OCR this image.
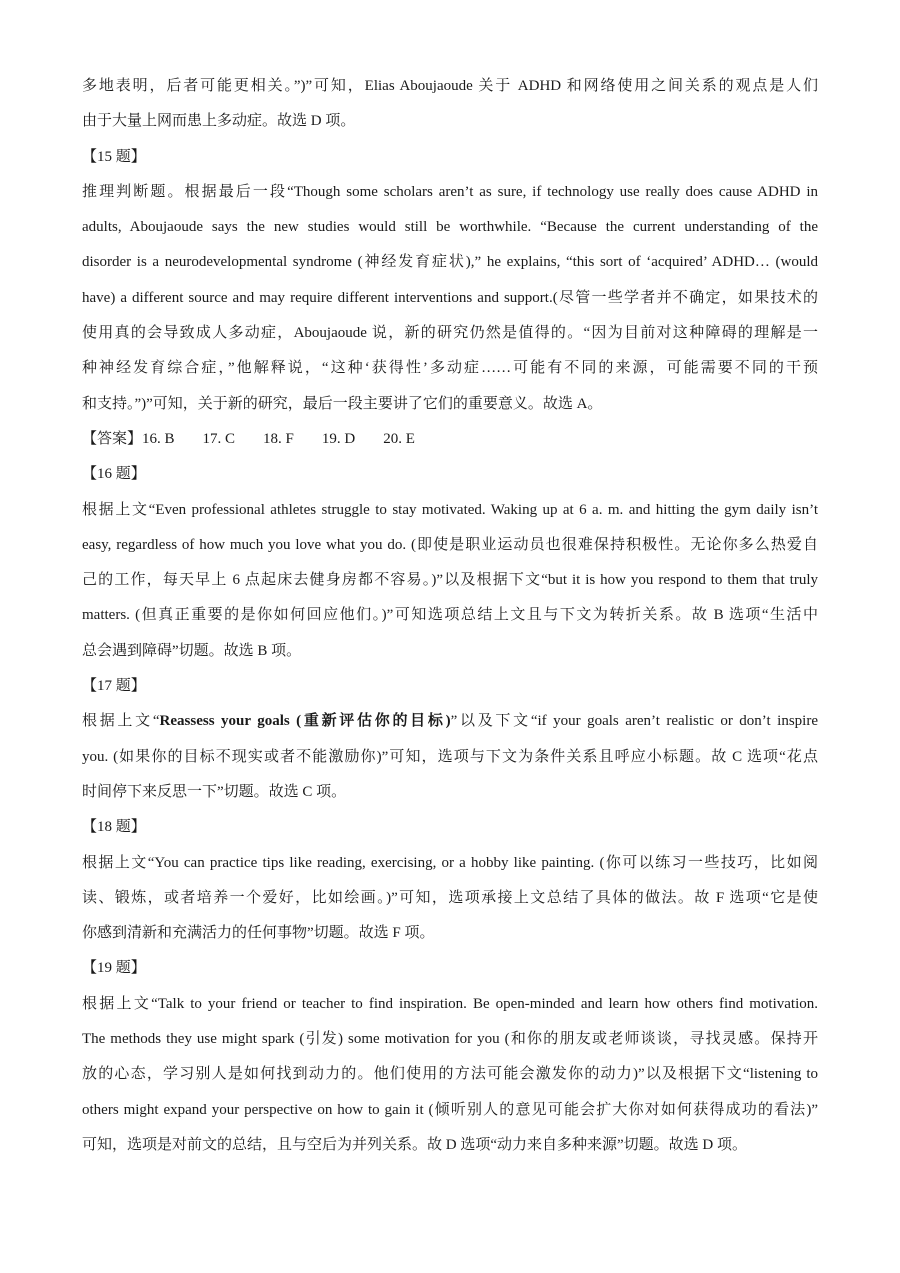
多地表明，后者可能更相关。”)”可知，Elias Aboujaoude 关于 ADHD 和网络使用之间关系的观点是人们
由于大量上网而患上多动症。故选 D 项。
【15 题】
推理判断题。根据最后一段“Though some scholars aren’t as sure, if technology use really does cause ADHD in
adults, Aboujaoude says the new studies would still be worthwhile. “Because the current understanding of the
disorder is a neurodevelopmental syndrome (神经发育症状),” he explains, “this sort of ‘acquired’ ADHD… (would
have) a different source and may require different interventions and support.(尽管一些学者并不确定，如果技术的
使用真的会导致成人多动症，Aboujaoude 说，新的研究仍然是值得的。“因为目前对这种障碍的理解是一
种神经发育综合症，”他解释说，“这种‘获得性’多动症……可能有不同的来源，可能需要不同的干预
和支持。”)”可知，关于新的研究，最后一段主要讲了它们的重要意义。故选 A。
【答案】16. B 17. C 18. F 19. D 20. E
【16 题】
根据上文“Even professional athletes struggle to stay motivated. Waking up at 6 a. m. and hitting the gym daily isn’t
easy, regardless of how much you love what you do. (即使是职业运动员也很难保持积极性。无论你多么热爱自
己的工作，每天早上 6 点起床去健身房都不容易。)”以及根据下文“but it is how you respond to them that truly
matters. (但真正重要的是你如何回应他们。)”可知选项总结上文且与下文为转折关系。故 B 选项“生活中
总会遇到障碍”切题。故选 B 项。
【17 题】
根据上文“Reassess your goals (重新评估你的目标)”以及下文“if your goals aren’t realistic or don’t inspire
you. (如果你的目标不现实或者不能激励你)”可知，选项与下文为条件关系且呼应小标题。故 C 选项“花点
时间停下来反思一下”切题。故选 C 项。
【18 题】
根据上文“You can practice tips like reading, exercising, or a hobby like painting. (你可以练习一些技巧，比如阅
读、锻炼，或者培养一个爱好，比如绘画。)”可知，选项承接上文总结了具体的做法。故 F 选项“它是使
你感到清新和充满活力的任何事物”切题。故选 F 项。
【19 题】
根据上文“Talk to your friend or teacher to find inspiration. Be open-minded and learn how others find motivation.
The methods they use might spark (引发) some motivation for you (和你的朋友或老师谈谈，寻找灵感。保持开
放的心态，学习别人是如何找到动力的。他们使用的方法可能会激发你的动力)”以及根据下文“listening to
others might expand your perspective on how to gain it (倾听别人的意见可能会扩大你对如何获得成功的看法)”
可知，选项是对前文的总结，且与空后为并列关系。故 D 选项“动力来自多种来源”切题。故选 D 项。
